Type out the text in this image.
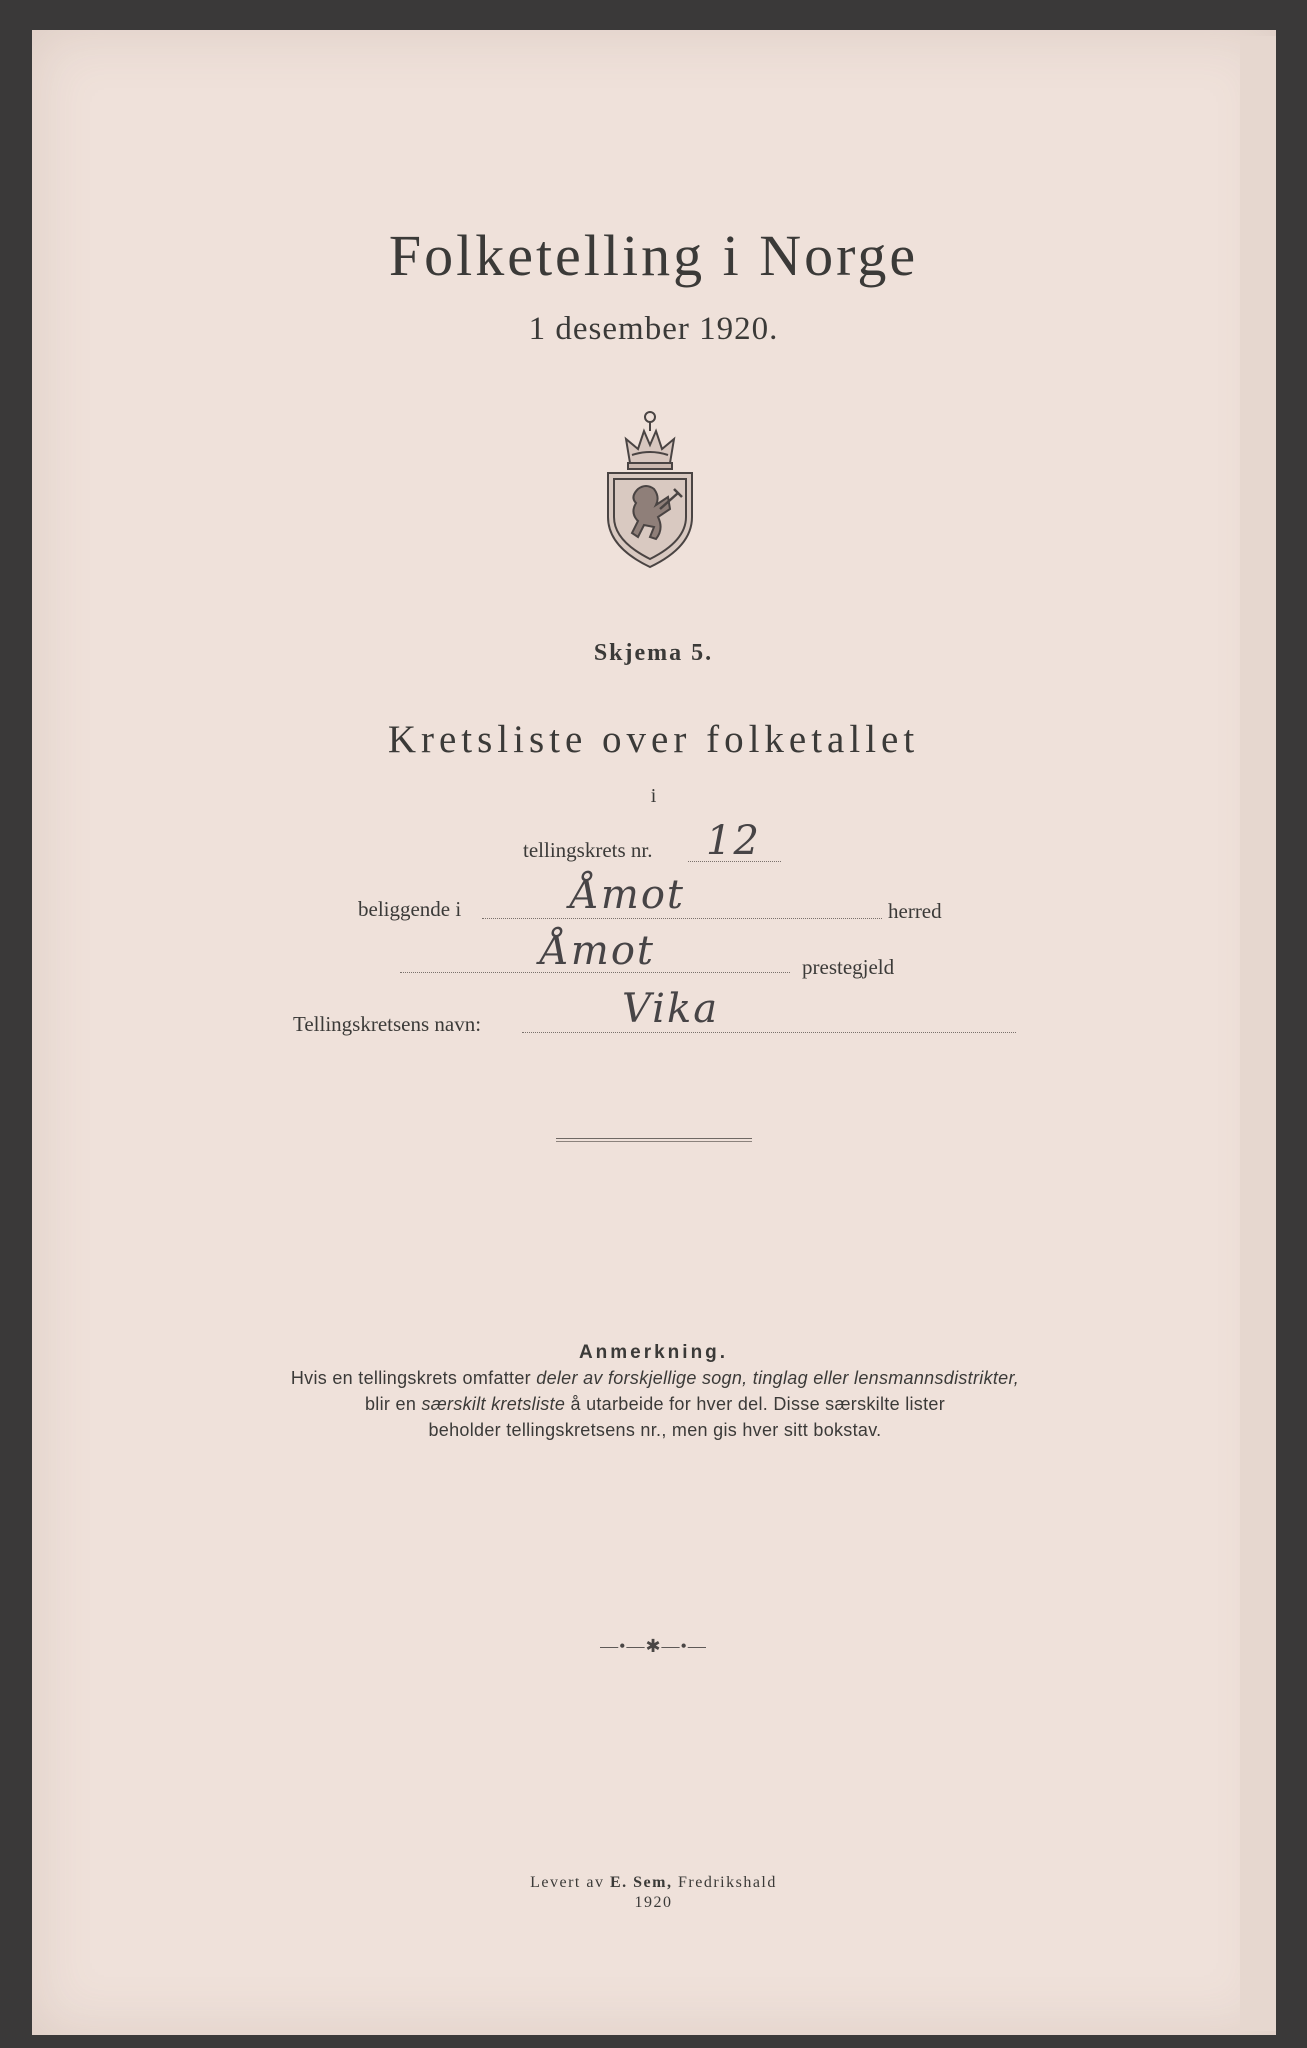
Folketelling i Norge
1 desember 1920.
Skjema 5.
Kretsliste over folketallet
i
tellingskrets nr. 12
beliggende i	Åmot	herred
Åmot	prestegjeld
Tellingskretsens navn:	Vika
Anmerkning.
Hvis en tellingskrets omfatter deler av forskjellige sogn, tinglag eller lensmannsdistrikter,
blir en særskilt kretsliste å utarbeide for hver del. Disse særskilte lister
beholder tellingskretsens nr., men gis hver sitt bokstav.
—•—✱—•—
Levert av E. Sem, Fredrikshald
1920
